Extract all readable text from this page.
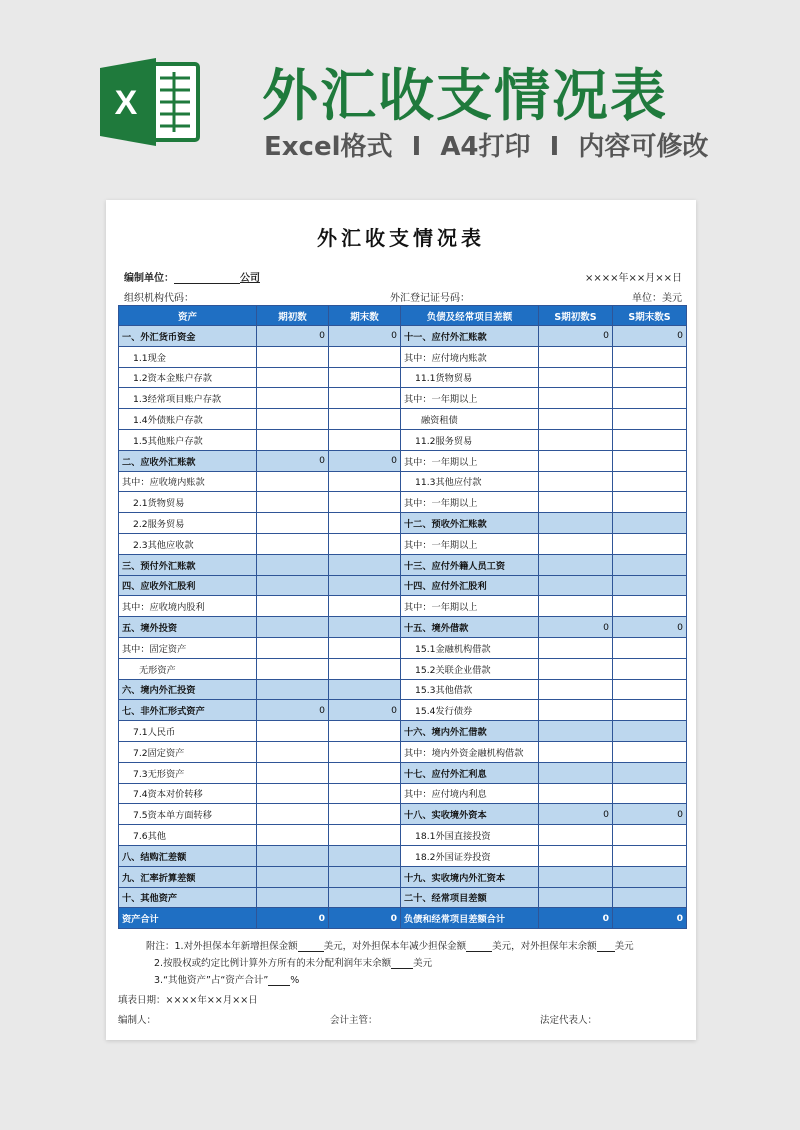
X 外汇收支情况表
Excel格式 I A4打印 I 内容可修改
外汇收支情况表
编制单位：	公司	××××年××月××日
组织机构代码：	外汇登记证号码：	单位：美元
资产	期初数	期末数	负债及经常项目差额	S期初数S	S期末数S
一、外汇货币资金	0	0	十一、应付外汇账款	0	0
1.1现金			其中：应付境内账款		
1.2资本金账户存款			11.1货物贸易		
1.3经常项目账户存款			其中：一年期以上		
1.4外债账户存款			融资租债		
1.5其他账户存款			11.2服务贸易		
二、应收外汇账款	0	0	其中：一年期以上		
其中：应收境内账款			11.3其他应付款		
2.1货物贸易			其中：一年期以上		
2.2服务贸易			十二、预收外汇账款		
2.3其他应收款			其中：一年期以上		
三、预付外汇账款			十三、应付外籍人员工资		
四、应收外汇股利			十四、应付外汇股利		
其中：应收境内股利			其中：一年期以上		
五、境外投资			十五、境外借款	0	0
其中：固定资产			15.1金融机构借款		
无形资产			15.2关联企业借款		
六、境内外汇投资			15.3其他借款		
七、非外汇形式资产	0	0	15.4发行债券		
7.1人民币			十六、境内外汇借款		
7.2固定资产			其中：境内外资金融机构借款		
7.3无形资产			十七、应付外汇利息		
7.4资本对价转移			其中：应付境内利息		
7.5资本单方面转移			十八、实收境外资本	0	0
7.6其他			18.1外国直接投资		
八、结购汇差额			18.2外国证券投资		
九、汇率折算差额			十九、实收境内外汇资本		
十、其他资产			二十、经常项目差额		
资产合计	0	0	负债和经常项目差额合计	0	0
附注：1.对外担保本年新增担保金额	美元，对外担保本年减少担保金额	美元，对外担保年末余额 美元
2.按股权或约定比例计算外方所有的未分配利润年末余额 美元
3.“其他资产”占“资产合计” %
填表日期：××××年××月××日
编制人：	会计主管：	法定代表人：
